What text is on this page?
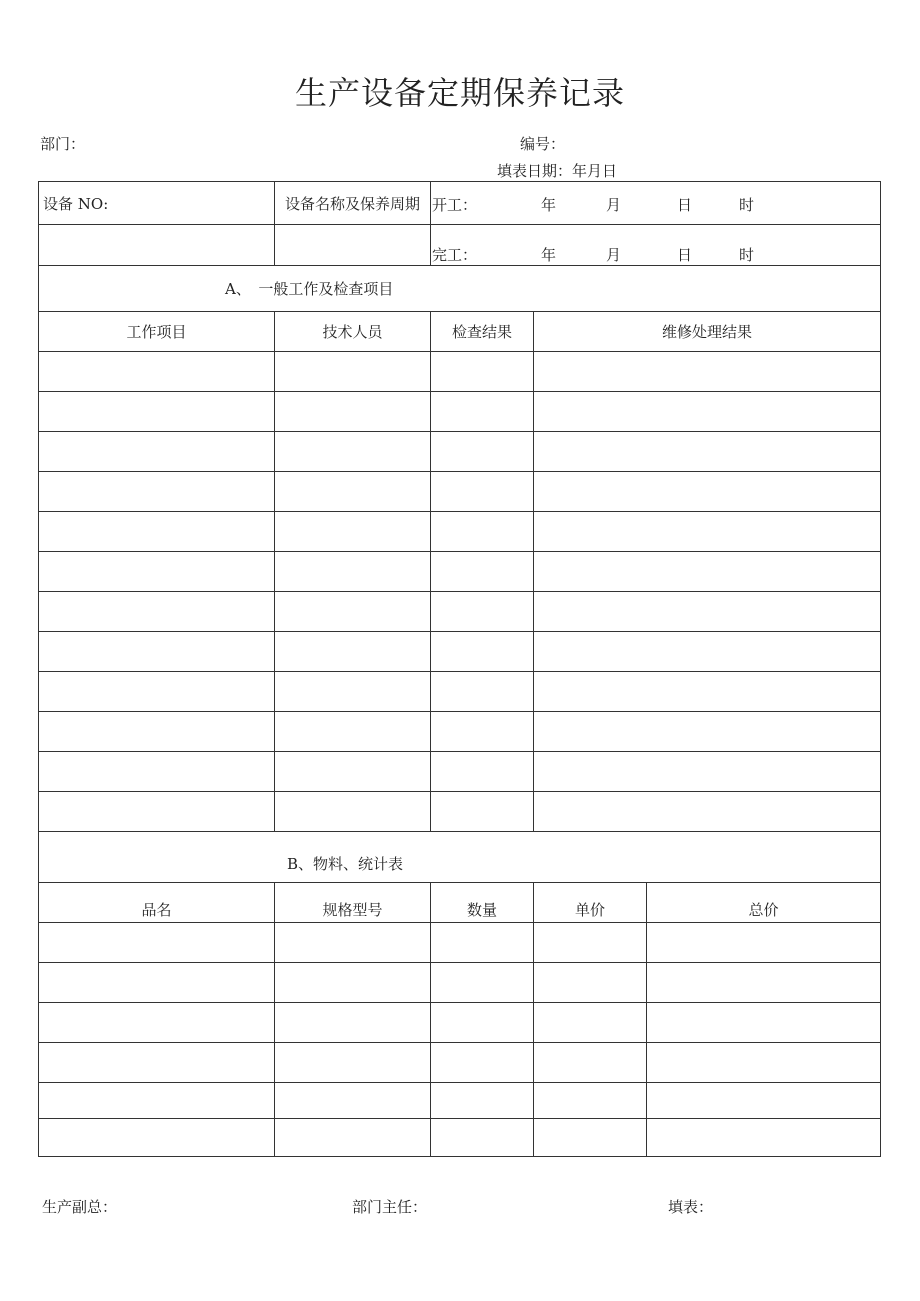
生产设备定期保养记录
部门：	编号：
填表日期：年月日
设备 NO:	设备名称及保养周期	开工： 年 月 日 时		

		完工： 年 月 日 时		

A、　一般工作及检查项目				
工作项目	技术人员	检查结果	维修处理结果	

B、物料、统计表				
品名	规格型号	数量	单价	总价

生产副总：	部门主任：	填表：
